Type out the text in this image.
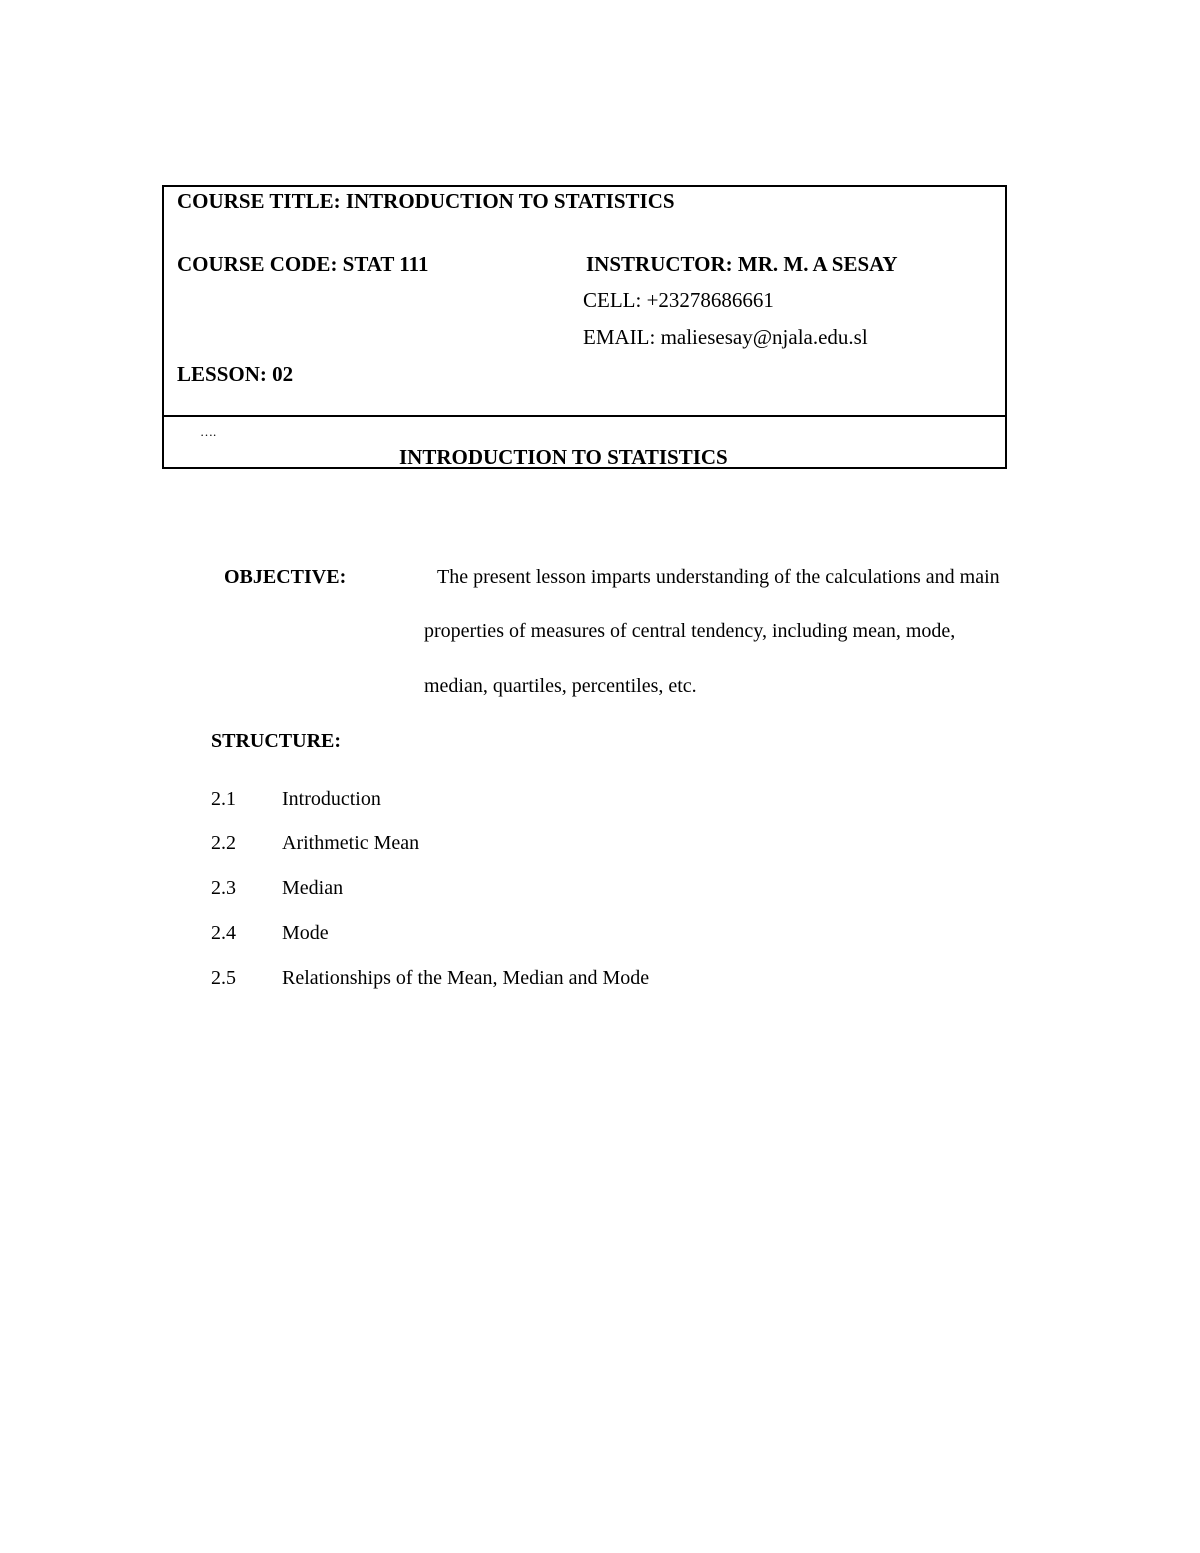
COURSE TITLE: INTRODUCTION TO STATISTICS
COURSE CODE: STAT 111	INSTRUCTOR: MR. M. A SESAY
CELL: +23278686661
EMAIL: maliesesay@njala.edu.sl
LESSON: 02
….
INTRODUCTION TO STATISTICS
OBJECTIVE:	The present lesson imparts understanding of the calculations and main
properties of measures of central tendency, including mean, mode,
median, quartiles, percentiles, etc.
STRUCTURE:
2.1 Introduction
2.2 Arithmetic Mean
2.3 Median
2.4 Mode
2.5 Relationships of the Mean, Median and Mode
